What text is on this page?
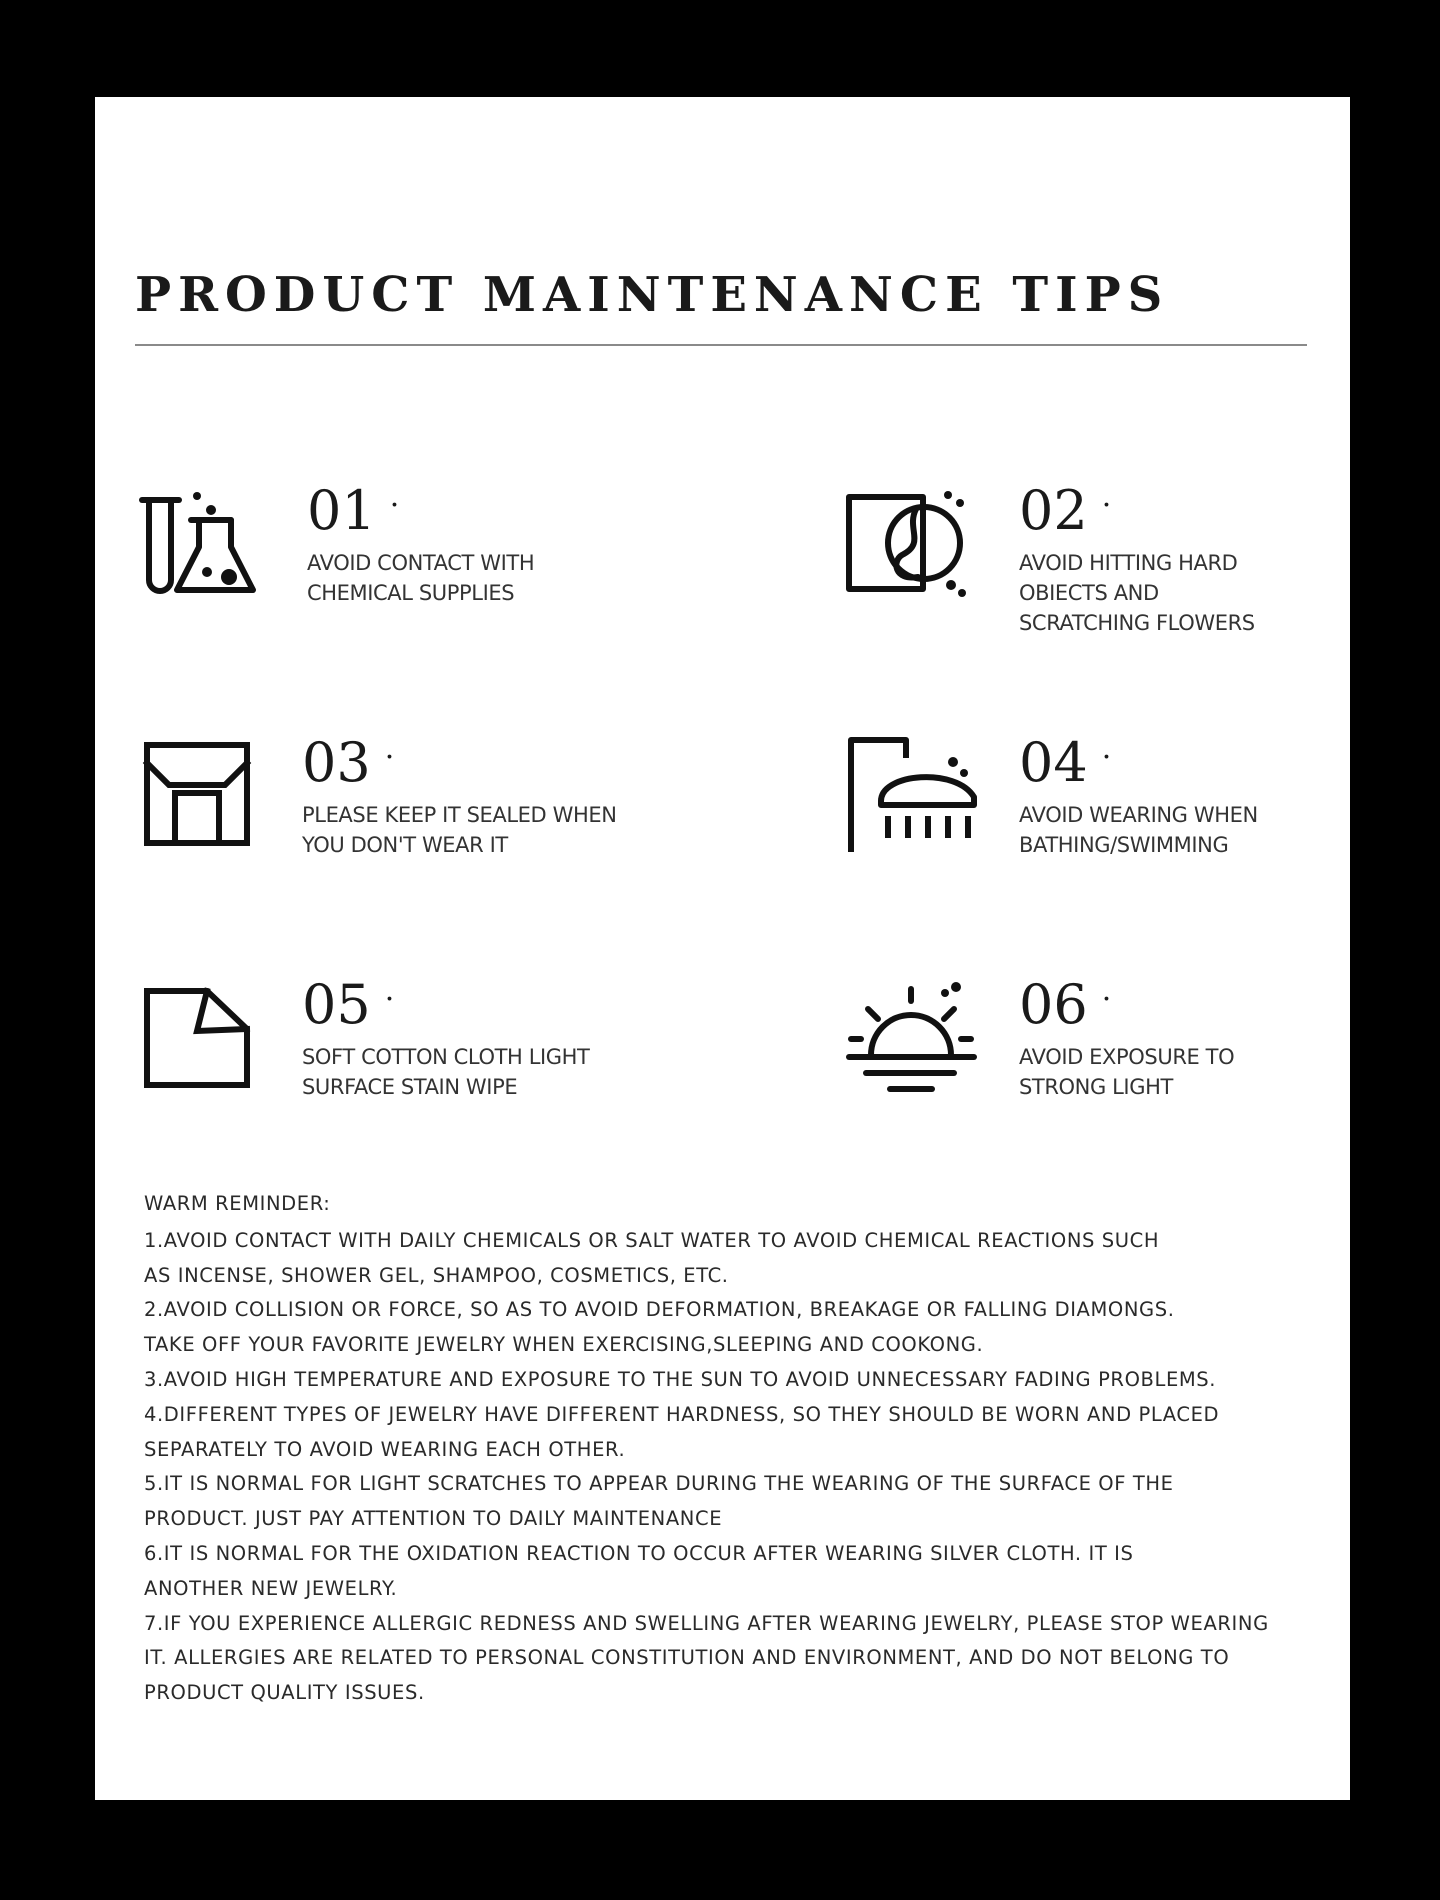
PRODUCT MAINTENANCE TIPS
01 ·
AVOID CONTACT WITH
CHEMICAL SUPPLIES
02 ·
AVOID HITTING HARD
OBIECTS AND
SCRATCHING FLOWERS
03 ·
PLEASE KEEP IT SEALED WHEN
YOU DON'T WEAR IT
04 ·
AVOID WEARING WHEN
BATHING/SWIMMING
05 ·
SOFT COTTON CLOTH LIGHT
SURFACE STAIN WIPE
06 ·
AVOID EXPOSURE TO
STRONG LIGHT

WARM REMINDER:

1.AVOID CONTACT WITH DAILY CHEMICALS OR SALT WATER TO AVOID CHEMICAL REACTIONS SUCH
AS INCENSE, SHOWER GEL, SHAMPOO, COSMETICS, ETC.

2.AVOID COLLISION OR FORCE, SO AS TO AVOID DEFORMATION, BREAKAGE OR FALLING DIAMONGS.
TAKE OFF YOUR FAVORITE JEWELRY WHEN EXERCISING,SLEEPING AND COOKONG.

3.AVOID HIGH TEMPERATURE AND EXPOSURE TO THE SUN TO AVOID UNNECESSARY FADING PROBLEMS.

4.DIFFERENT TYPES OF JEWELRY HAVE DIFFERENT HARDNESS, SO THEY SHOULD BE WORN AND PLACED
SEPARATELY TO AVOID WEARING EACH OTHER.

5.IT IS NORMAL FOR LIGHT SCRATCHES TO APPEAR DURING THE WEARING OF THE SURFACE OF THE
PRODUCT. JUST PAY ATTENTION TO DAILY MAINTENANCE

6.IT IS NORMAL FOR THE OXIDATION REACTION TO OCCUR AFTER WEARING SILVER CLOTH. IT IS
ANOTHER NEW JEWELRY.

7.IF YOU EXPERIENCE ALLERGIC REDNESS AND SWELLING AFTER WEARING JEWELRY, PLEASE STOP WEARING
IT. ALLERGIES ARE RELATED TO PERSONAL CONSTITUTION AND ENVIRONMENT, AND DO NOT BELONG TO
PRODUCT QUALITY ISSUES.
